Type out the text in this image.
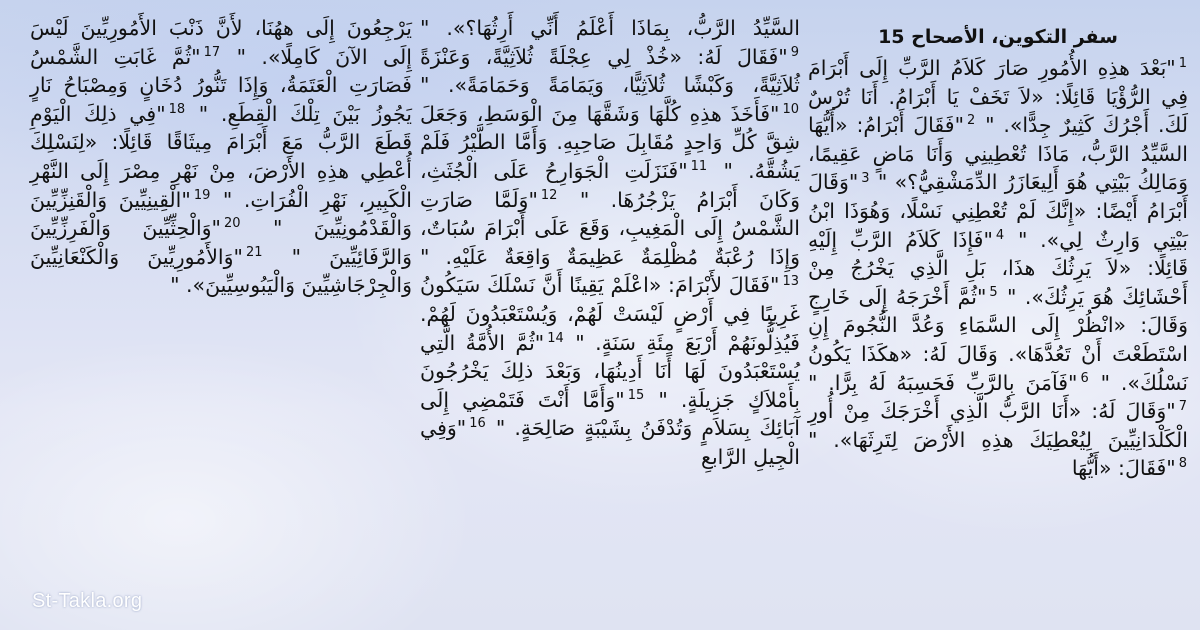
سفر التكوين، الأصحاح 15
$^1$"بَعْدَ هذِهِ الأُمُورِ صَارَ كَلاَمُ الرَّبِّ إِلَى أَبْرَامَ فِي الرُّؤْيَا قَائِلًا: «لاَ تَخَفْ يَا أَبْرَامُ. أَنَا تُرْسٌ لَكَ. أَجْرُكَ كَثِيرٌ جِدًّا». " $^2$"فَقَالَ أَبْرَامُ: «أَيُّهَا السَّيِّدُ الرَّبُّ، مَاذَا تُعْطِينِي وَأَنَا مَاضٍ عَقِيمًا، وَمَالِكُ بَيْتِي هُوَ أَلِيعَازَرُ الدِّمَشْقِيُّ؟» " $^3$"وَقَالَ أَبْرَامُ أَيْضًا: «إِنَّكَ لَمْ تُعْطِنِي نَسْلًا، وَهُوَذَا ابْنُ بَيْتِي وَارِثٌ لِي». " $^4$"فَإِذَا كَلاَمُ الرَّبِّ إِلَيْهِ قَائِلًا: «لاَ يَرِثُكَ هذَا، بَلِ الَّذِي يَخْرُجُ مِنْ أَحْشَائِكَ هُوَ يَرِثُكَ». " $^5$"ثُمَّ أَخْرَجَهُ إِلَى خَارِجٍ وَقَالَ: «انْظُرْ إِلَى السَّمَاءِ وَعُدَّ النُّجُومَ إِنِ اسْتَطَعْتَ أَنْ تَعُدَّهَا». وَقَالَ لَهُ: «هكَذَا يَكُونُ نَسْلُكَ». " $^6$"فَآمَنَ بِالرَّبِّ فَحَسِبَهُ لَهُ بِرًّا. " $^7$"وَقَالَ لَهُ: «أَنَا الرَّبُّ الَّذِي أَخْرَجَكَ مِنْ أُورِ الْكَلْدَانِيِّينَ لِيُعْطِيَكَ هذِهِ الأَرْضَ لِتَرِثَهَا». " $^8$"فَقَالَ: «أَيُّهَا
السَّيِّدُ الرَّبُّ، بِمَاذَا أَعْلَمُ أَنِّي أَرِثُهَا؟». " $^9$"فَقَالَ لَهُ: «خُذْ لِي عِجْلَةً ثُلاَثِيَّةً، وَعَنْزَةً ثُلاَثِيَّةً، وَكَبْشًا ثُلاَثِيًّا، وَيَمَامَةً وَحَمَامَةً». " $^{10}$"فَأَخَذَ هذِهِ كُلَّهَا وَشَقَّهَا مِنَ الْوَسَطِ، وَجَعَلَ شِقَّ كُلِّ وَاحِدٍ مُقَابِلَ صَاحِبِهِ. وَأَمَّا الطَّيْرُ فَلَمْ يَشُقَّهُ. " $^{11}$"فَنَزَلَتِ الْجَوَارِحُ عَلَى الْجُثَثِ، وَكَانَ أَبْرَامُ يَزْجُرُهَا. " $^{12}$"وَلَمَّا صَارَتِ الشَّمْسُ إِلَى الْمَغِيبِ، وَقَعَ عَلَى أَبْرَامَ سُبَاتٌ، وَإِذَا رُعْبَةٌ مُظْلِمَةٌ عَظِيمَةٌ وَاقِعَةٌ عَلَيْهِ. " $^{13}$"فَقَالَ لأَبْرَامَ: «اعْلَمْ يَقِينًا أَنَّ نَسْلَكَ سَيَكُونُ غَرِيبًا فِي أَرْضٍ لَيْسَتْ لَهُمْ، وَيُسْتَعْبَدُونَ لَهُمْ. فَيُذِلُّونَهُمْ أَرْبَعَ مِئَةِ سَنَةٍ. " $^{14}$"ثُمَّ الأُمَّةُ الَّتِي يُسْتَعْبَدُونَ لَهَا أَنَا أَدِينُهَا، وَبَعْدَ ذلِكَ يَخْرُجُونَ بِأَمْلاَكٍ جَزِيلَةٍ. " $^{15}$"وَأَمَّا أَنْتَ فَتَمْضِي إِلَى آبَائِكَ بِسَلاَمٍ وَتُدْفَنُ بِشَيْبَةٍ صَالِحَةٍ. " $^{16}$"وَفِي الْجِيلِ الرَّابعِ
يَرْجِعُونَ إِلَى ههُنَا، لأَنَّ ذَنْبَ الأَمُورِيِّينَ لَيْسَ إِلَى الآنَ كَامِلًا». " $^{17}$"ثُمَّ غَابَتِ الشَّمْسُ فَصَارَتِ الْعَتَمَةُ، وَإِذَا تَنُّورُ دُخَانٍ وَمِصْبَاحُ نَارٍ يَجُوزُ بَيْنَ تِلْكَ الْقِطَعِ. " $^{18}$"فِي ذلِكَ الْيَوْمِ قَطَعَ الرَّبُّ مَعَ أَبْرَامَ مِيثَاقًا قَائِلًا: «لِنَسْلِكَ أُعْطِي هذِهِ الأَرْضَ، مِنْ نَهْرِ مِصْرَ إِلَى النَّهْرِ الْكَبِيرِ، نَهْرِ الْفُرَاتِ. " $^{19}$"الْقِينِيِّينَ وَالْقَنِزِّيِّينَ وَالْقَدْمُونِيِّينَ " $^{20}$"وَالْحِثِّيِّينَ وَالْفَرِزِّيِّينَ وَالرَّفَائِيِّينَ " $^{21}$"وَالأَمُورِيِّينَ وَالْكَنْعَانِيِّينَ وَالْجِرْجَاشِيِّينَ وَالْيَبُوسِيِّينَ». "
St-Takla.org
